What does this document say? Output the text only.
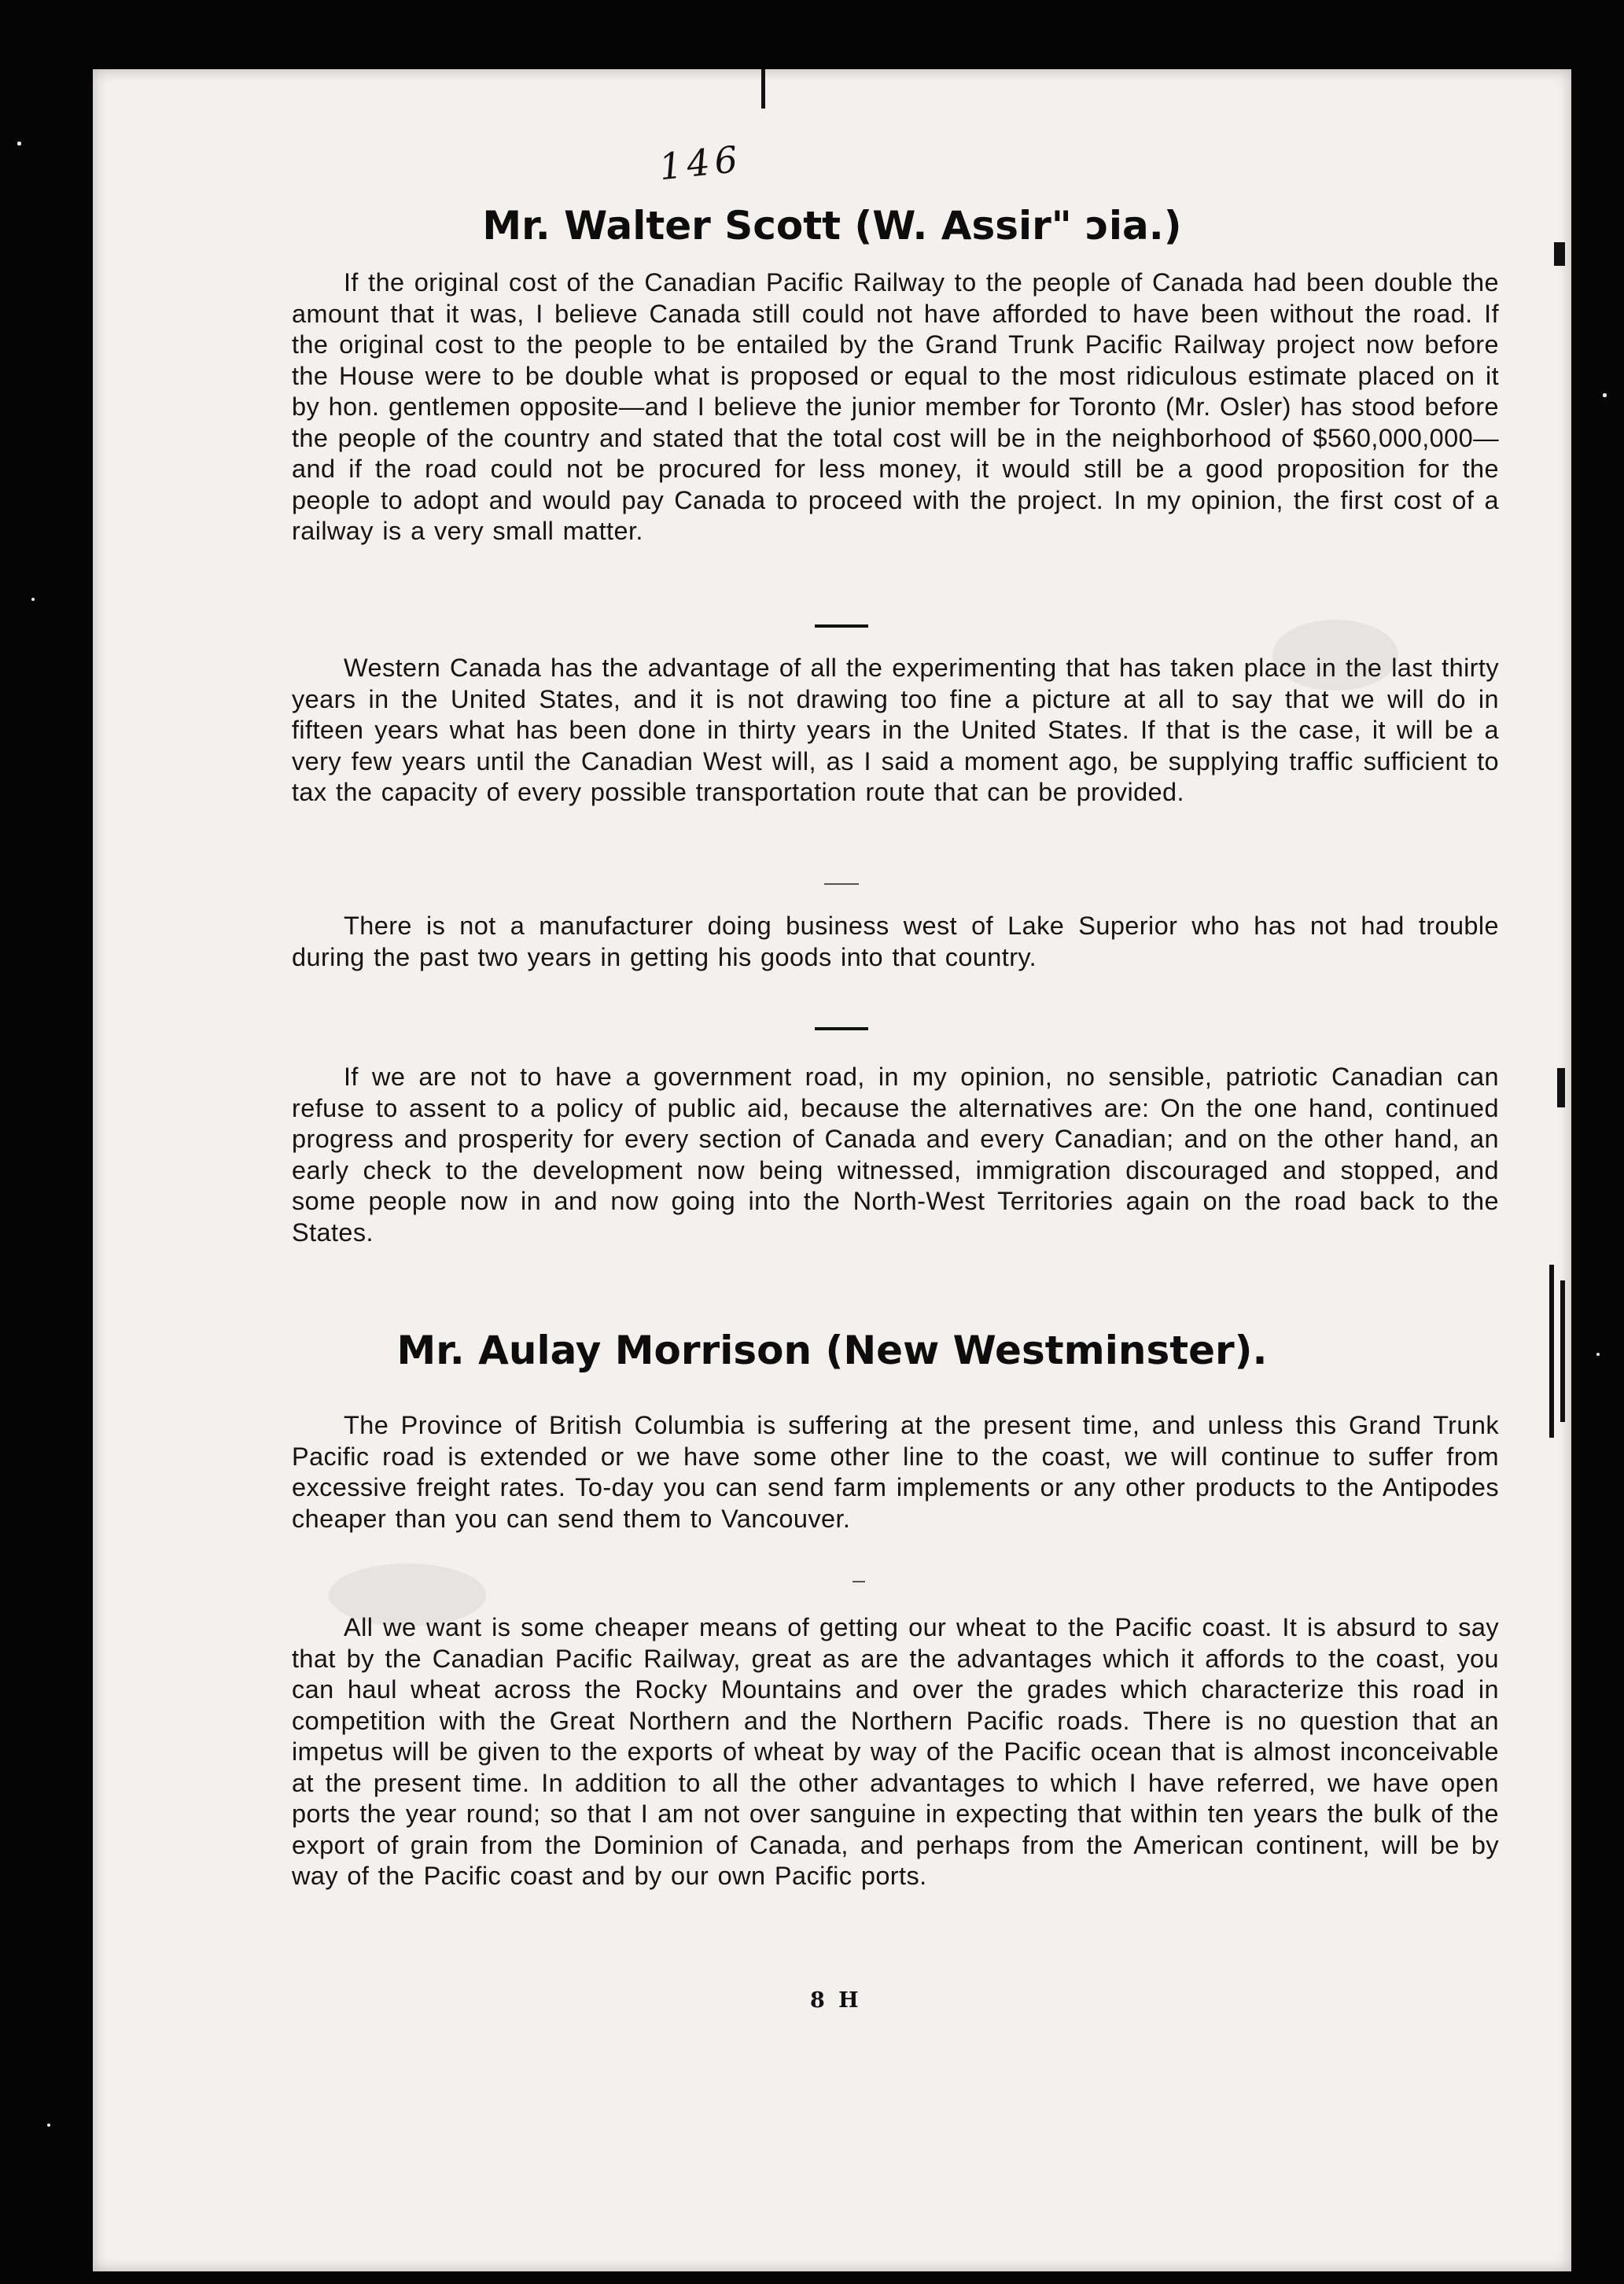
146
Mr. Walter Scott (W. Assir" ɔia.)

If the original cost of the Canadian Pacific Railway to the people of Canada had been double the amount that it was, I believe Canada still could not have afforded to have been without the road. If the original cost to the people to be entailed by the Grand Trunk Pacific Railway project now before the House were to be double what is proposed or equal to the most ridiculous estimate placed on it by hon. gentlemen opposite—and I believe the junior member for Toronto (Mr. Osler) has stood before the people of the country and stated that the total cost will be in the neighborhood of $560,000,000—and if the road could not be procured for less money, it would still be a good proposition for the people to adopt and would pay Canada to proceed with the project. In my opinion, the first cost of a railway is a very small matter.

Western Canada has the advantage of all the experimenting that has taken place in the last thirty years in the United States, and it is not drawing too fine a picture at all to say that we will do in fifteen years what has been done in thirty years in the United States. If that is the case, it will be a very few years until the Canadian West will, as I said a moment ago, be supplying traffic sufficient to tax the capacity of every possible transportation route that can be provided.

There is not a manufacturer doing business west of Lake Superior who has not had trouble during the past two years in getting his goods into that country.

If we are not to have a government road, in my opinion, no sensible, patriotic Canadian can refuse to assent to a policy of public aid, because the alternatives are: On the one hand, continued progress and prosperity for every section of Canada and every Canadian; and on the other hand, an early check to the development now being witnessed, immigration discouraged and stopped, and some people now in and now going into the North-West Territories again on the road back to the States.

Mr. Aulay Morrison (New Westminster).

The Province of British Columbia is suffering at the present time, and unless this Grand Trunk Pacific road is extended or we have some other line to the coast, we will continue to suffer from excessive freight rates. To-day you can send farm implements or any other products to the Antipodes cheaper than you can send them to Vancouver.

All we want is some cheaper means of getting our wheat to the Pacific coast. It is absurd to say that by the Canadian Pacific Railway, great as are the advantages which it affords to the coast, you can haul wheat across the Rocky Mountains and over the grades which characterize this road in competition with the Great Northern and the Northern Pacific roads. There is no question that an impetus will be given to the exports of wheat by way of the Pacific ocean that is almost inconceivable at the present time. In addition to all the other advantages to which I have referred, we have open ports the year round; so that I am not over sanguine in expecting that within ten years the bulk of the export of grain from the Dominion of Canada, and perhaps from the American continent, will be by way of the Pacific coast and by our own Pacific ports.

8 H
